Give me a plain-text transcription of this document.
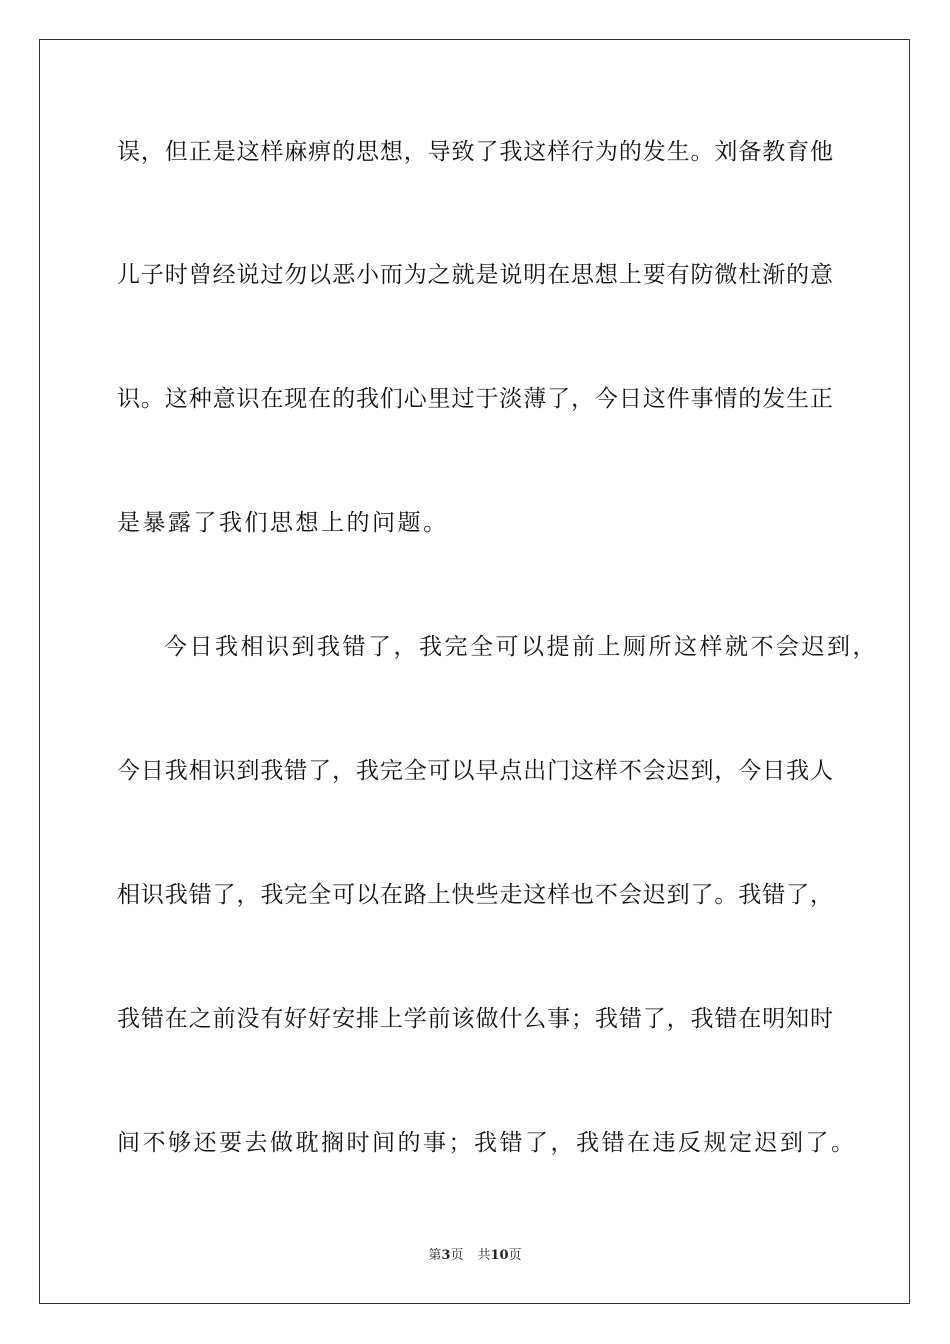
误，但正是这样麻痹的思想，导致了我这样行为的发生。刘备教育他
儿子时曾经说过勿以恶小而为之就是说明在思想上要有防微杜渐的意
识。这种意识在现在的我们心里过于淡薄了，今日这件事情的发生正
是暴露了我们思想上的问题。
今日我相识到我错了，我完全可以提前上厕所这样就不会迟到，
今日我相识到我错了，我完全可以早点出门这样不会迟到，今日我人
相识我错了，我完全可以在路上快些走这样也不会迟到了。我错了，
我错在之前没有好好安排上学前该做什么事；我错了，我错在明知时
间不够还要去做耽搁时间的事；我错了，我错在违反规定迟到了。
第3页 共10页
